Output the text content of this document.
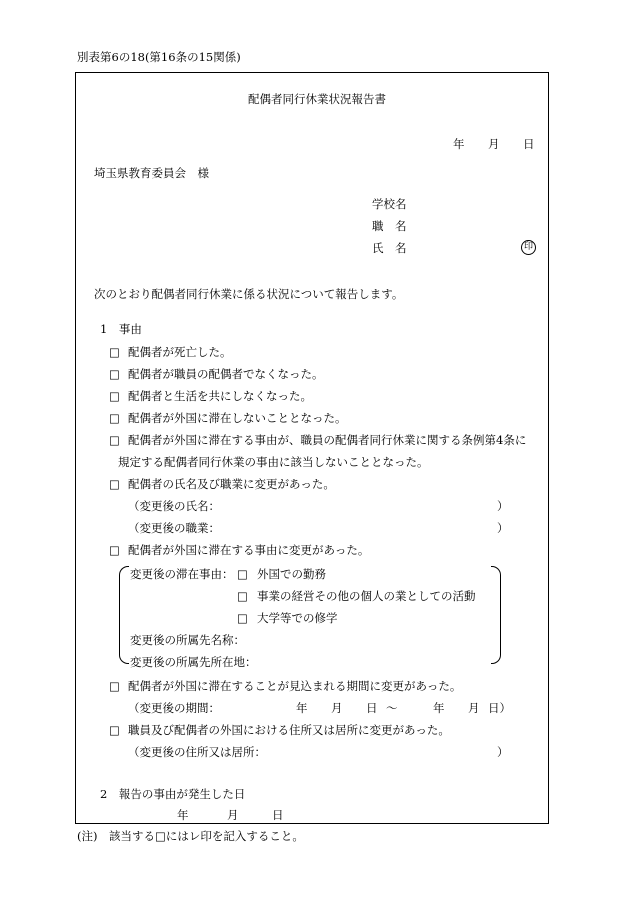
別表第6の18(第16条の15関係)
配偶者同行休業状況報告書
年 月 日
埼玉県教育委員会　様
学校名
職　名
氏　名	印
次のとおり配偶者同行休業に係る状況について報告します。
1　事由
□ 配偶者が死亡した。
□ 配偶者が職員の配偶者でなくなった。
□ 配偶者と生活を共にしなくなった。
□ 配偶者が外国に滞在しないこととなった。
□ 配偶者が外国に滞在する事由が、職員の配偶者同行休業に関する条例第4条に
規定する配偶者同行休業の事由に該当しないこととなった。
□ 配偶者の氏名及び職業に変更があった。
（変更後の氏名：	）
（変更後の職業：	）
□ 配偶者が外国に滞在する事由に変更があった。
変更後の滞在事由： □ 外国での勤務
□ 事業の経営その他の個人の業としての活動
□ 大学等での修学
変更後の所属先名称：
変更後の所属先所在地：
□ 配偶者が外国に滞在することが見込まれる期間に変更があった。
（変更後の期間：	年 月 日 ～	年 月 日）
□ 職員及び配偶者の外国における住所又は居所に変更があった。
（変更後の住所又は居所：	）
2　報告の事由が発生した日
年	月	日
(注)　該当する□にはレ印を記入すること。
